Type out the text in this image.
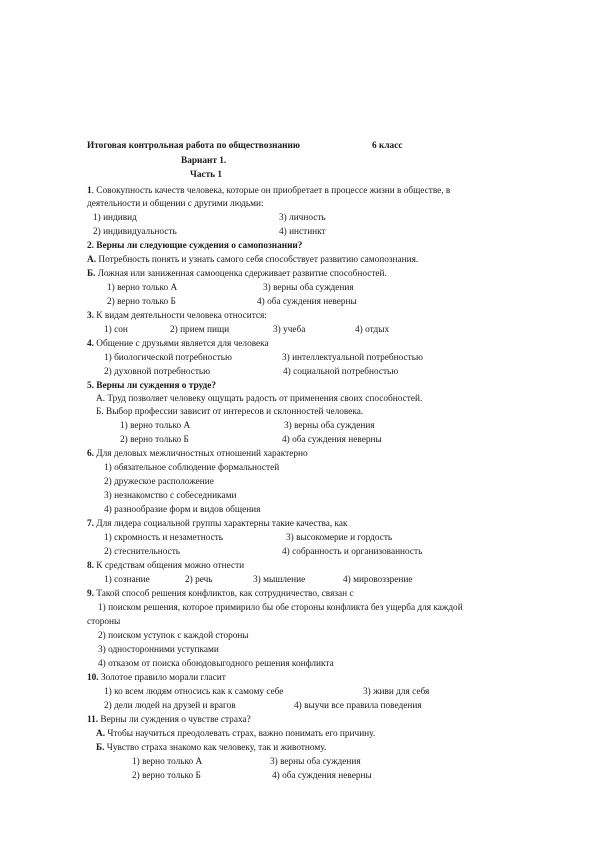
Итоговая контрольная работа по обществознанию	6 класс
Вариант 1.
Часть 1
1. Совокупность качеств человека, которые он приобретает в процессе жизни в обществе, в
деятельности и общении с другими людьми:
1) индивид	3) личность
2) индивидуальность	4) инстинкт
2. Верны ли следующие суждения о самопознании?
А. Потребность понять и узнать самого себя способствует развитию самопознания.
Б. Ложная или заниженная самооценка сдерживает развитие способностей.
1) верно только А	3) верны оба суждения
2) верно только Б	4) оба суждения неверны
3. К видам деятельности человека относится:
1) сон	2) прием пищи	3) учеба	4) отдых
4. Общение с друзьями является для человека
1) биологической потребностью	3) интеллектуальной потребностью
2) духовной потребностью	4) социальной потребностью
5. Верны ли суждения о труде?
А. Труд позволяет человеку ощущать радость от применения своих способностей.
Б. Выбор профессии зависит от интересов и склонностей человека.
1) верно только А	3) верны оба суждения
2) верно только Б	4) оба суждения неверны
6. Для деловых межличностных отношений характерно
1) обязательное соблюдение формальностей
2) дружеское расположение
3) незнакомство с собеседниками
4) разнообразие форм и видов общения
7. Для лидера социальной группы характерны такие качества, как
1) скромность и незаметность	3) высокомерие и гордость
2) стеснительность	4) собранность и организованность
8. К средствам общения можно отнести
1) сознание	2) речь	3) мышление	4) мировоззрение
9. Такой способ решения конфликтов, как сотрудничество, связан с
1) поиском решения, которое примирило бы обе стороны конфликта без ущерба для каждой
стороны
2) поиском уступок с каждой стороны
3) односторонними уступками
4) отказом от поиска обоюдовыгодного решения конфликта
10. Золотое правило морали гласит
1) ко всем людям относись как к самому себе	3) живи для себя
2) дели людей на друзей и врагов	4) выучи все правила поведения
11. Верны ли суждения о чувстве страха?
А. Чтобы научиться преодолевать страх, важно понимать его причину.
Б. Чувство страха знакомо как человеку, так и животному.
1) верно только А	3) верны оба суждения
2) верно только Б	4) оба суждения неверны
